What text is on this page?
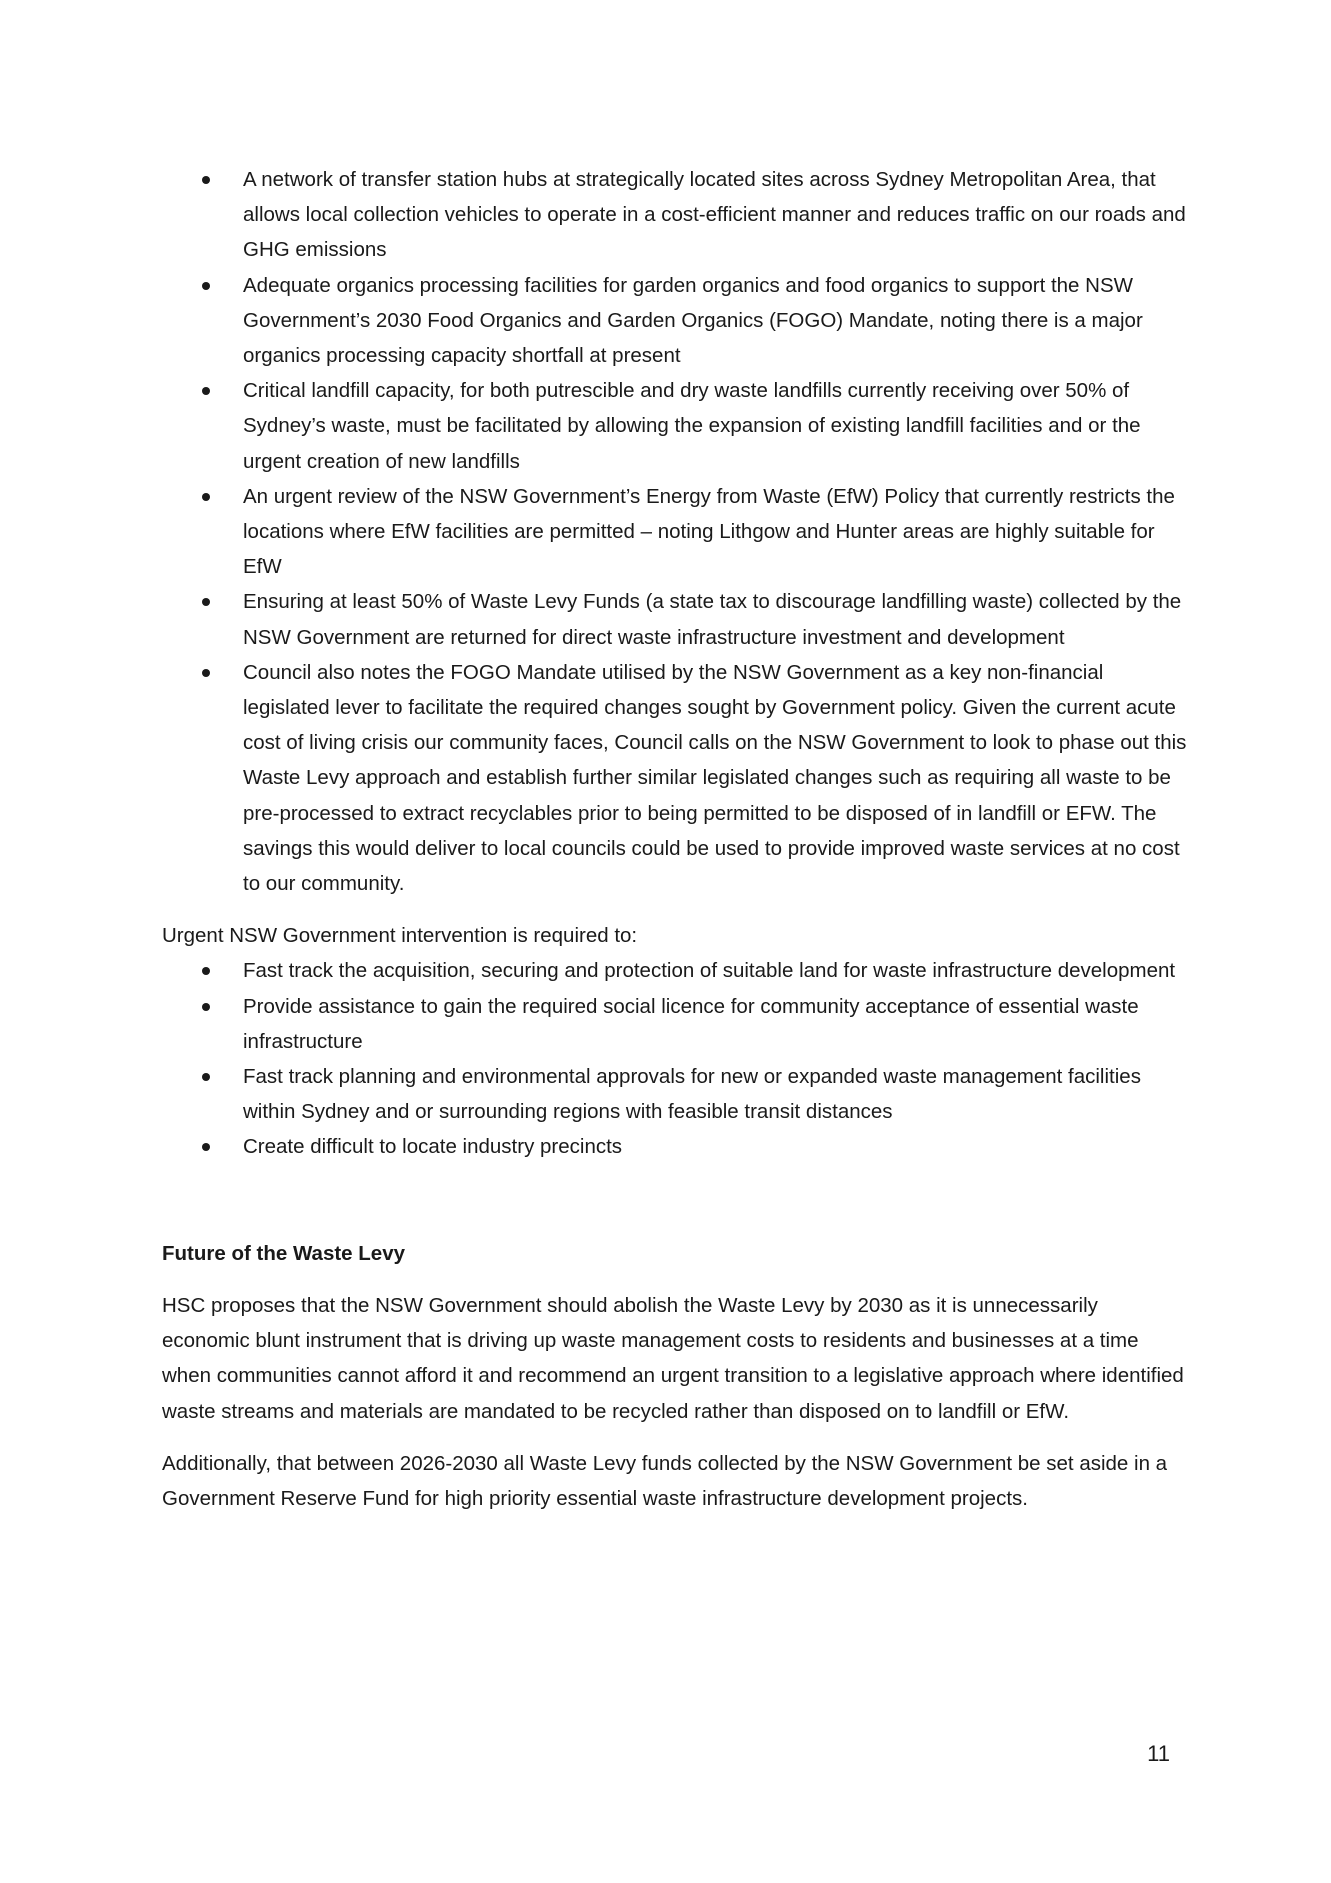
A network of transfer station hubs at strategically located sites across Sydney Metropolitan Area, that allows local collection vehicles to operate in a cost-efficient manner and reduces traffic on our roads and GHG emissions
Adequate organics processing facilities for garden organics and food organics to support the NSW Government’s 2030 Food Organics and Garden Organics (FOGO) Mandate, noting there is a major organics processing capacity shortfall at present
Critical landfill capacity, for both putrescible and dry waste landfills currently receiving over 50% of Sydney’s waste, must be facilitated by allowing the expansion of existing landfill facilities and or the urgent creation of new landfills
An urgent review of the NSW Government’s Energy from Waste (EfW) Policy that currently restricts the locations where EfW facilities are permitted – noting Lithgow and Hunter areas are highly suitable for EfW
Ensuring at least 50% of Waste Levy Funds (a state tax to discourage landfilling waste) collected by the NSW Government are returned for direct waste infrastructure investment and development
Council also notes the FOGO Mandate utilised by the NSW Government as a key non-financial legislated lever to facilitate the required changes sought by Government policy. Given the current acute cost of living crisis our community faces, Council calls on the NSW Government to look to phase out this Waste Levy approach and establish further similar legislated changes such as requiring all waste to be pre-processed to extract recyclables prior to being permitted to be disposed of in landfill or EFW. The savings this would deliver to local councils could be used to provide improved waste services at no cost to our community.

Urgent NSW Government intervention is required to:

Fast track the acquisition, securing and protection of suitable land for waste infrastructure development
Provide assistance to gain the required social licence for community acceptance of essential waste infrastructure
Fast track planning and environmental approvals for new or expanded waste management facilities within Sydney and or surrounding regions with feasible transit distances
Create difficult to locate industry precincts
Future of the Waste Levy

HSC proposes that the NSW Government should abolish the Waste Levy by 2030 as it is unnecessarily economic blunt instrument that is driving up waste management costs to residents and businesses at a time when communities cannot afford it and recommend an urgent transition to a legislative approach where identified waste streams and materials are mandated to be recycled rather than disposed on to landfill or EfW.

Additionally, that between 2026-2030 all Waste Levy funds collected by the NSW Government be set aside in a Government Reserve Fund for high priority essential waste infrastructure development projects.

11
